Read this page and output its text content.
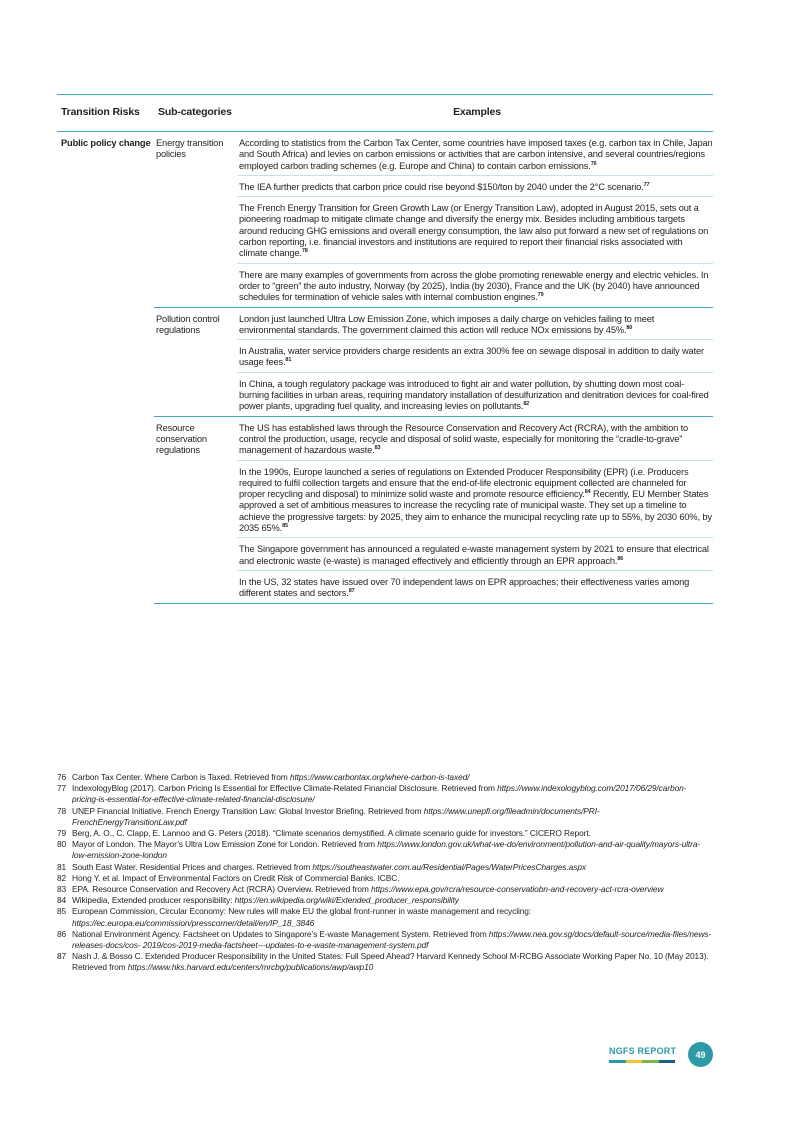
Transition Risks	Sub-categories	Examples
Public policy change	Energy transition policies	According to statistics from the Carbon Tax Center, some countries have imposed taxes (e.g. carbon tax in Chile, Japan and South Africa) and levies on carbon emissions or activities that are carbon intensive, and several countries/regions employed carbon trading schemes (e.g. Europe and China) to contain carbon emissions.$^{76}$

The IEA further predicts that carbon price could rise beyond $150/ton by 2040 under the 2°C scenario.$^{77}$

The French Energy Transition for Green Growth Law (or Energy Transition Law), adopted in August 2015, sets out a pioneering roadmap to mitigate climate change and diversify the energy mix. Besides including ambitious targets around reducing GHG emissions and overall energy consumption, the law also put forward a new set of regulations on carbon reporting, i.e. financial investors and institutions are required to report their financial risks associated with climate change.$^{78}$

There are many examples of governments from across the globe promoting renewable energy and electric vehicles. In order to “green” the auto industry, Norway (by 2025), India (by 2030), France and the UK (by 2040) have announced schedules for termination of vehicle sales with internal combustion engines.$^{79}$

	Pollution control regulations	London just launched Ultra Low Emission Zone, which imposes a daily charge on vehicles failing to meet environmental standards. The government claimed this action will reduce NOx emissions by 45%.$^{80}$

In Australia, water service providers charge residents an extra 300% fee on sewage disposal in addition to daily water usage fees.$^{81}$

In China, a tough regulatory package was introduced to fight air and water pollution, by shutting down most coal-burning facilities in urban areas, requiring mandatory installation of desulfurization and denitration devices for coal-fired power plants, upgrading fuel quality, and increasing levies on pollutants.$^{82}$

	Resource conservation regulations	The US has established laws through the Resource Conservation and Recovery Act (RCRA), with the ambition to control the production, usage, recycle and disposal of solid waste, especially for monitoring the “cradle-to-grave” management of hazardous waste.$^{83}$

In the 1990s, Europe launched a series of regulations on Extended Producer Responsibility (EPR) (i.e. Producers required to fulfil collection targets and ensure that the end-of-life electronic equipment collected are channeled for proper recycling and disposal) to minimize solid waste and promote resource efficiency.$^{84}$ Recently, EU Member States approved a set of ambitious measures to increase the recycling rate of municipal waste. They set up a timeline to achieve the progressive targets: by 2025, they aim to enhance the municipal recycling rate up to 55%, by 2030 60%, by 2035 65%.$^{85}$

The Singapore government has announced a regulated e-waste management system by 2021 to ensure that electrical and electronic waste (e-waste) is managed effectively and efficiently through an EPR approach.$^{86}$

In the US, 32 states have issued over 70 independent laws on EPR approaches; their effectiveness varies among different states and sectors.$^{87}$

76 Carbon Tax Center. Where Carbon is Taxed. Retrieved from https://www.carbontax.org/where-carbon-is-taxed/
77 IndexologyBlog (2017). Carbon Pricing Is Essential for Effective Climate-Related Financial Disclosure. Retrieved from https://www.indexologyblog.com/2017/06/29/carbon-pricing-is-essential-for-effective-climate-related-financial-disclosure/
78 UNEP Financial Initiative. French Energy Transition Law: Global Investor Briefing. Retrieved from https://www.unepfi.org/fileadmin/documents/PRI-FrenchEnergyTransitionLaw.pdf
79 Berg, A. O., C. Clapp, E. Lannoo and G. Peters (2018). “Climate scenarios demystified. A climate scenario guide for investors.” CICERO Report.
80 Mayor of London. The Mayor’s Ultra Low Emission Zone for London. Retrieved from https://www.london.gov.uk/what-we-do/environment/pollution-and-air-quality/mayors-ultra-low-emission-zone-london
81 South East Water. Residential Prices and charges. Retrieved from https://southeastwater.com.au/Residential/Pages/WaterPricesCharges.aspx
82 Hong Y. et al. Impact of Environmental Factors on Credit Risk of Commercial Banks. ICBC.
83 EPA. Resource Conservation and Recovery Act (RCRA) Overview. Retrieved from https://www.epa.gov/rcra/resource-conservatiobn-and-recovery-act-rcra-overview
84 Wikipedia, Extended producer responsibility: https://en.wikipedia.org/wiki/Extended_producer_responsibility
85 European Commission, Circular Economy: New rules will make EU the global front-runner in waste management and recycling: https://ec.europa.eu/commission/presscorner/detail/en/IP_18_3846
86 National Environment Agency. Factsheet on Updates to Singapore’s E-waste Management System. Retrieved from https://www.nea.gov.sg/docs/default-source/media-files/news-releases-docs/cos- 2019/cos-2019-media-factsheet---updates-to-e-waste-management-system.pdf
87 Nash J. & Bosso C. Extended Producer Responsibility in the United States: Full Speed Ahead? Harvard Kennedy School M-RCBG Associate Working Paper No. 10 (May 2013). Retrieved from https://www.hks.harvard.edu/centers/mrcbg/publications/awp/awp10
NGFS REPORT	49
